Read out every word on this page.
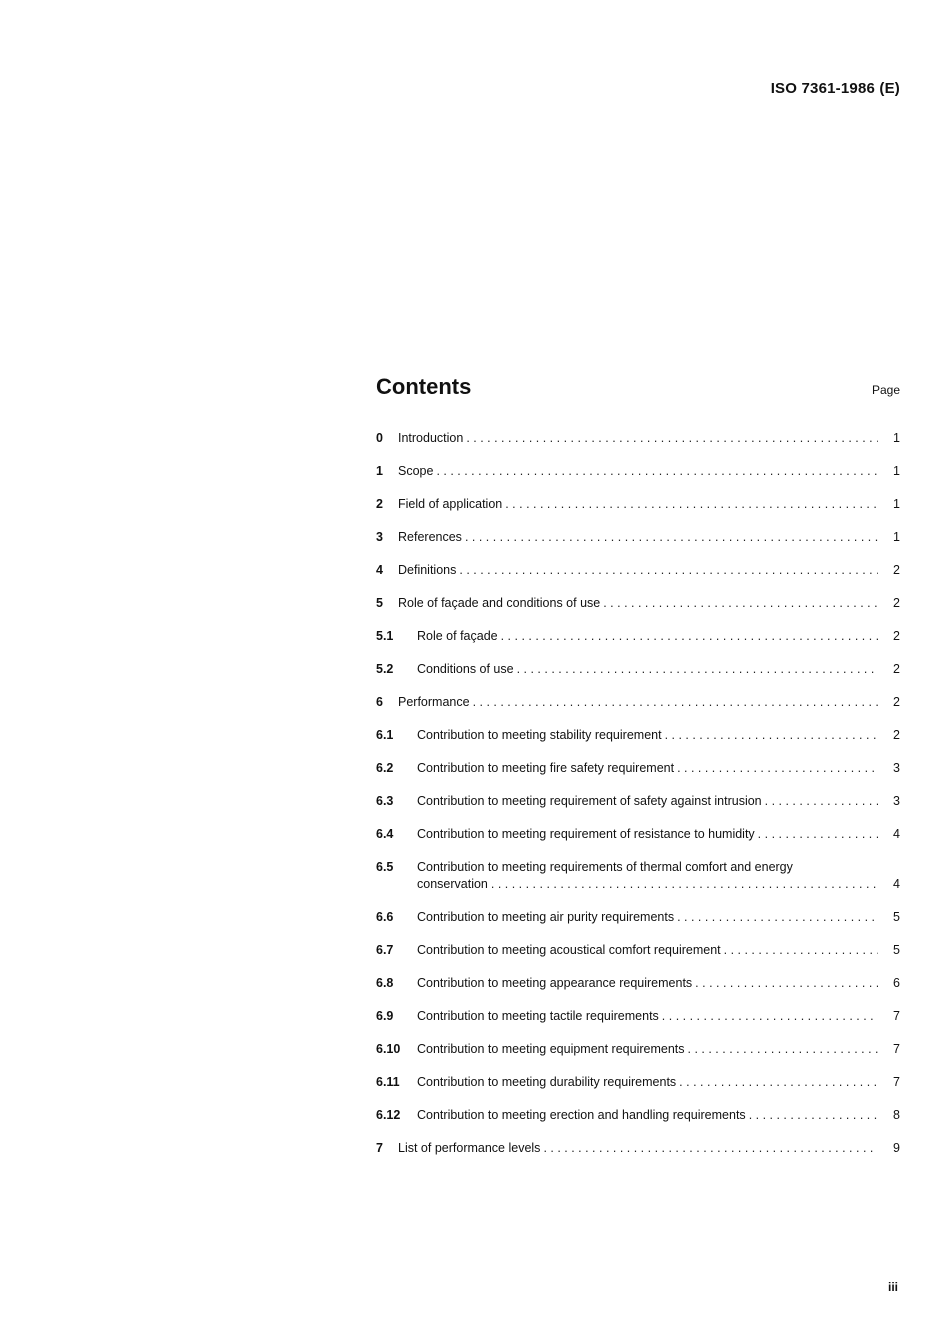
ISO 7361-1986 (E)
Contents	Page
0	Introduction . . .	1
1	Scope . . .	1
2	Field of application . . .	1
3	References . . .	1
4	Definitions . . .	2
5	Role of façade and conditions of use . . .	2
5.1	Role of façade . . .	2
5.2	Conditions of use . . .	2
6	Performance . . .	2
6.1	Contribution to meeting stability requirement . . .	2
6.2	Contribution to meeting fire safety requirement . . .	3
6.3	Contribution to meeting requirement of safety against intrusion . . .	3
6.4	Contribution to meeting requirement of resistance to humidity . . .	4
6.5	Contribution to meeting requirements of thermal comfort and energy
conservation . . .	4
6.6	Contribution to meeting air purity requirements . . .	5
6.7	Contribution to meeting acoustical comfort requirement . . .	5
6.8	Contribution to meeting appearance requirements . . .	6
6.9	Contribution to meeting tactile requirements . . .	7
6.10	Contribution to meeting equipment requirements . . .	7
6.11	Contribution to meeting durability requirements . . .	7
6.12	Contribution to meeting erection and handling requirements . . .	8
7	List of performance levels . . .	9
iii
